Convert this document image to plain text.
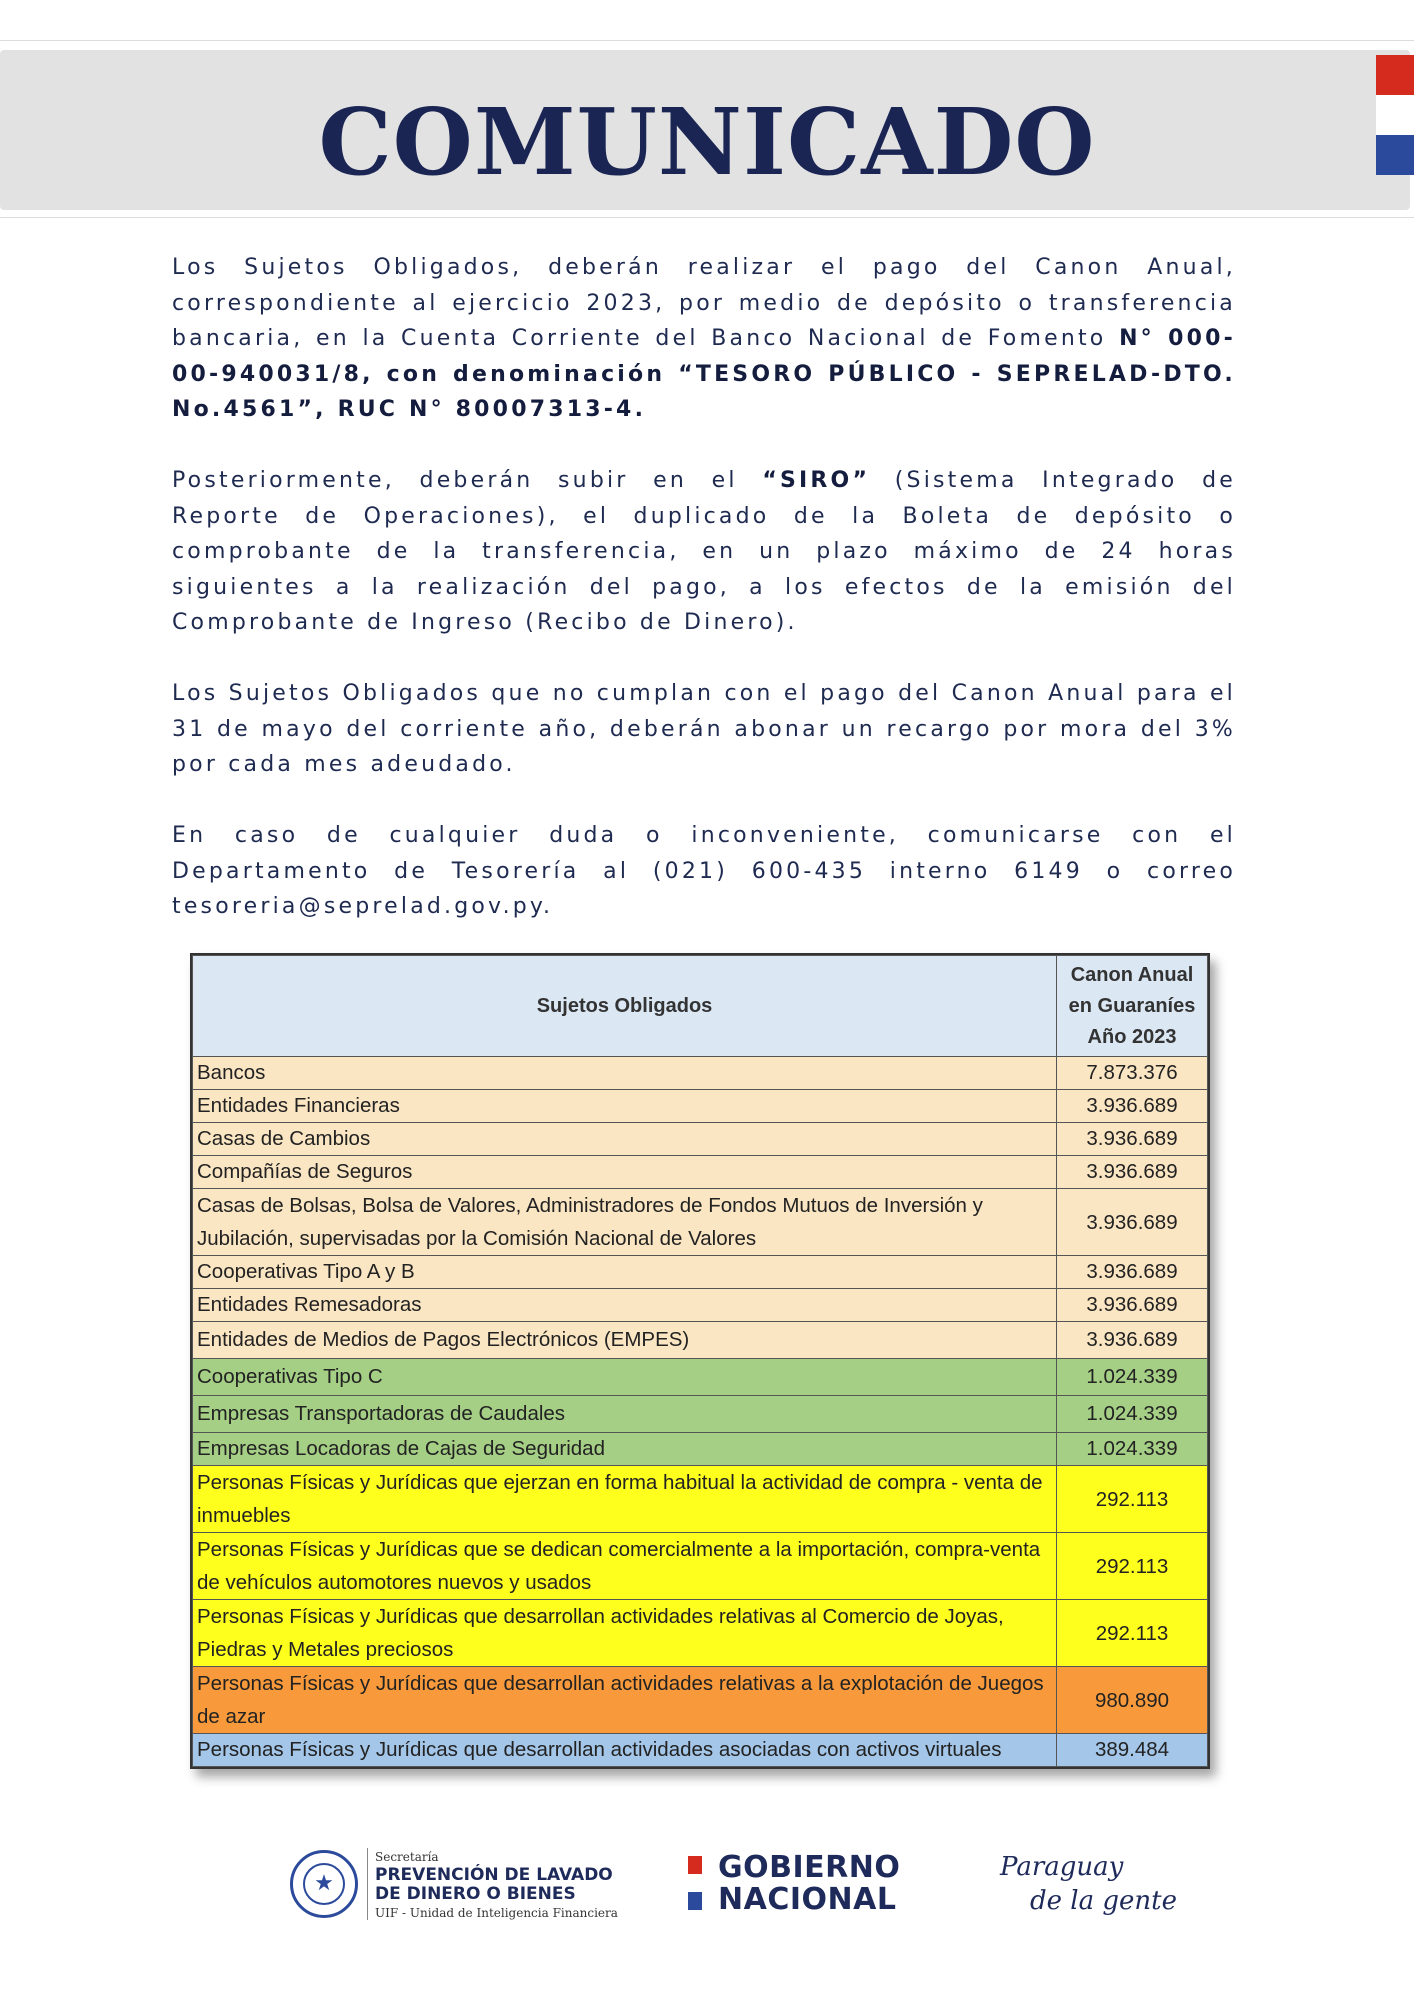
COMUNICADO

Los Sujetos Obligados, deberán realizar el pago del Canon Anual, correspondiente al ejercicio 2023, por medio de depósito o transferencia bancaria, en la Cuenta Corriente del Banco Nacional de Fomento N° 000-00-940031/8, con denominación “TESORO PÚBLICO - SEPRELAD-DTO. No.4561”, RUC N° 80007313-4.

Posteriormente, deberán subir en el “SIRO” (Sistema Integrado de Reporte de Operaciones), el duplicado de la Boleta de depósito o comprobante de la transferencia, en un plazo máximo de 24 horas siguientes a la realización del pago, a los efectos de la emisión del Comprobante de Ingreso (Recibo de Dinero).

Los Sujetos Obligados que no cumplan con el pago del Canon Anual para el 31 de mayo del corriente año, deberán abonar un recargo por mora del 3% por cada mes adeudado.

En caso de cualquier duda o inconveniente, comunicarse con el Departamento de Tesorería al (021) 600-435 interno 6149 o correo tesoreria@seprelad.gov.py.

Sujetos Obligados	Canon Anual en Guaraníes Año 2023
Bancos	7.873.376
Entidades Financieras	3.936.689
Casas de Cambios	3.936.689
Compañías de Seguros	3.936.689
Casas de Bolsas, Bolsa de Valores, Administradores de Fondos Mutuos de Inversión y Jubilación, supervisadas por la Comisión Nacional de Valores	3.936.689
Cooperativas Tipo A y B	3.936.689
Entidades Remesadoras	3.936.689
Entidades de Medios de Pagos Electrónicos (EMPES)	3.936.689
Cooperativas Tipo C	1.024.339
Empresas Transportadoras de Caudales	1.024.339
Empresas Locadoras de Cajas de Seguridad	1.024.339
Personas Físicas y Jurídicas que ejerzan en forma habitual la actividad de compra - venta de inmuebles	292.113
Personas Físicas y Jurídicas que se dedican comercialmente a la importación, compra-venta de vehículos automotores nuevos y usados	292.113
Personas Físicas y Jurídicas que desarrollan actividades relativas al Comercio de Joyas, Piedras y Metales preciosos	292.113
Personas Físicas y Jurídicas que desarrollan actividades relativas a la explotación de Juegos de azar	980.890
Personas Físicas y Jurídicas que desarrollan actividades asociadas con activos virtuales	389.484
★
Secretaría
PREVENCIÓN DE LAVADO
DE DINERO O BIENES
UIF - Unidad de Inteligencia Financiera
GOBIERNO
NACIONAL
Paraguay
de la gente
